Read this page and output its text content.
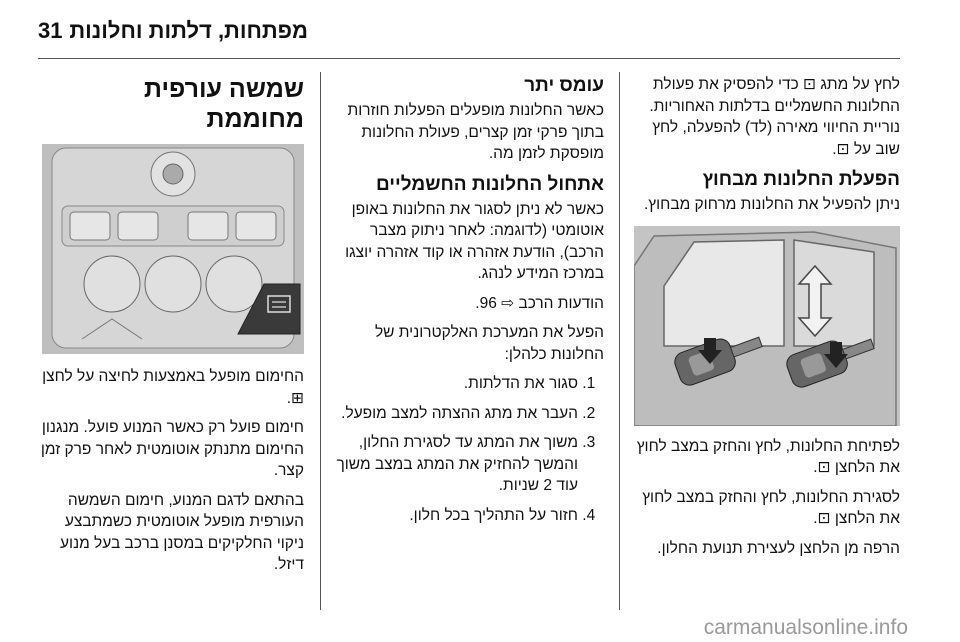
31 מפתחות, דלתות וחלונות

לחץ על מתג ⊡ כדי להפסיק את פעולת החלונות החשמליים בדלתות האחוריות. נוריית החיווי מאירה (לד) להפעלה, לחץ שוב על ⊡.

הפעלת החלונות מבחוץ

ניתן להפעיל את החלונות מרחוק מבחוץ.

לפתיחת החלונות, לחץ והחזק במצב לחוץ את הלחצן ⊡.

לסגירת החלונות, לחץ והחזק במצב לחוץ את הלחצן ⊡.

הרפה מן הלחצן לעצירת תנועת החלון.

עומס יתר

כאשר החלונות מופעלים הפעלות חוזרות בתוך פרקי זמן קצרים, פעולת החלונות מופסקת לזמן מה.

אתחול החלונות החשמליים

כאשר לא ניתן לסגור את החלונות באופן אוטומטי (לדוגמה: לאחר ניתוק מצבר הרכב), הודעת אזהרה או קוד אזהרה יוצגו במרכז המידע לנהג.

הודעות הרכב ⇨ 96.

הפעל את המערכת האלקטרונית של החלונות כלהלן:

1. סגור את הדלתות.
2. העבר את מתג ההצתה למצב מופעל.
3. משוך את המתג עד לסגירת החלון, והמשך להחזיק את המתג במצב משוך עוד 2 שניות.
4. חזור על התהליך בכל חלון.
שמשה עורפית מחוממת

החימום מופעל באמצעות לחיצה על לחצן ⊞.

חימום פועל רק כאשר המנוע פועל. מנגנון החימום מתנתק אוטומטית לאחר פרק זמן קצר.

בהתאם לדגם המנוע, חימום השמשה העורפית מופעל אוטומטית כשמתבצע ניקוי החלקיקים במסנן ברכב בעל מנוע דיזל.

carmanualsonline.info
